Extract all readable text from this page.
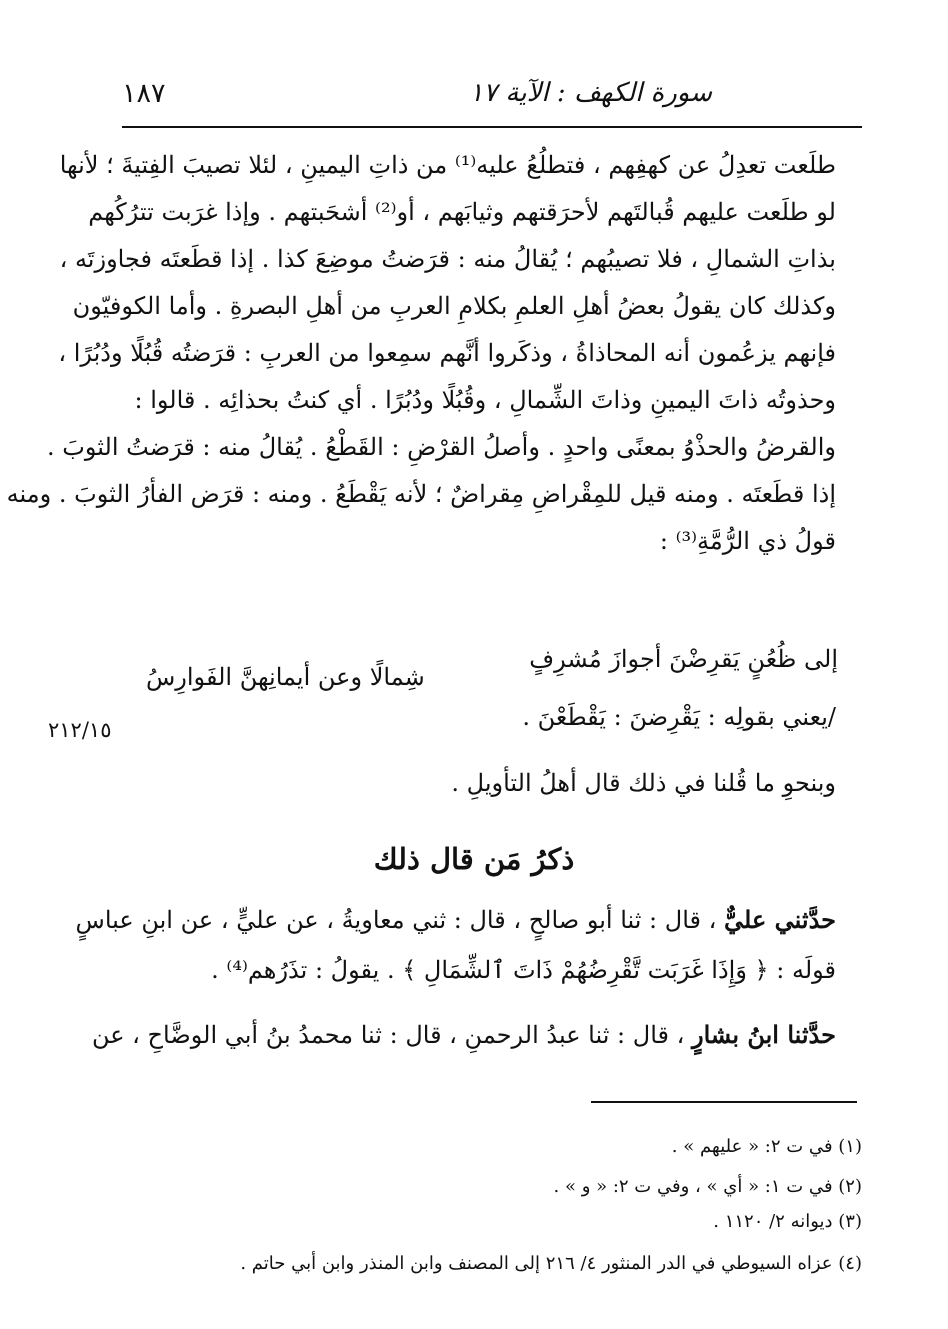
سورة الكهف : الآية ١٧
١٨٧
طلَعت تعدِلُ عن كهفِهم ، فتطلُعُ عليه⁽¹⁾ من ذاتِ اليمينِ ، لئلا تصيبَ الفِتيةَ ؛ لأنها
لو طلَعت عليهم قُبالتَهم لأحرَقتهم وثيابَهم ، أو⁽²⁾ أشحَبتهم . وإذا غرَبت تترُكُهم
بذاتِ الشمالِ ، فلا تصيبُهم ؛ يُقالُ منه : قرَضتُ موضِعَ كذا . إذا قطَعتَه فجاوزتَه ،
وكذلك كان يقولُ بعضُ أهلِ العلمِ بكلامِ العربِ من أهلِ البصرةِ . وأما الكوفيّون
فإنهم يزعُمون أنه المحاذاةُ ، وذكَروا أنَّهم سمِعوا من العربِ : قرَضتُه قُبُلًا ودُبُرًا ،
وحذوتُه ذاتَ اليمينِ وذاتَ الشِّمالِ ، وقُبُلًا ودُبُرًا . أي كنتُ بحذائِه . قالوا :
والقرضُ والحذْوُ بمعنًى واحدٍ . وأصلُ القرْضِ : القَطْعُ . يُقالُ منه : قرَضتُ الثوبَ .
إذا قطَعتَه . ومنه قيل للمِقْراضِ مِقراضٌ ؛ لأنه يَقْطَعُ . ومنه : قرَض الفأرُ الثوبَ . ومنه
قولُ ذي الرُّمَّةِ⁽³⁾ :
إلى ظُعُنٍ يَقرِضْنَ أجوازَ مُشرِفٍ
شِمالًا وعن أيمانِهنَّ الفَوارِسُ
/يعني بقولِه : يَقْرِضنَ : يَقْطَعْنَ .
٢١٢/١٥
وبنحوِ ما قُلنا في ذلك قال أهلُ التأويلِ .
ذكرُ مَن قال ذلك
حدَّثني عليٌّ ، قال : ثنا أبو صالحٍ ، قال : ثني معاويةُ ، عن عليٍّ ، عن ابنِ عباسٍ
قولَه : ﴿ وَإِذَا غَرَبَت تَّقْرِضُهُمْ ذَاتَ ٱلشِّمَالِ ﴾ . يقولُ : تذَرُهم⁽⁴⁾ .
حدَّثنا ابنُ بشارٍ ، قال : ثنا عبدُ الرحمنِ ، قال : ثنا محمدُ بنُ أبي الوضَّاحِ ، عن
(١) في ت ٢: « عليهم » .
(٢) في ت ١: « أي » ، وفي ت ٢: « و » .
(٣) ديوانه ٢/ ١١٢٠ .
(٤) عزاه السيوطي في الدر المنثور ٤/ ٢١٦ إلى المصنف وابن المنذر وابن أبي حاتم .
